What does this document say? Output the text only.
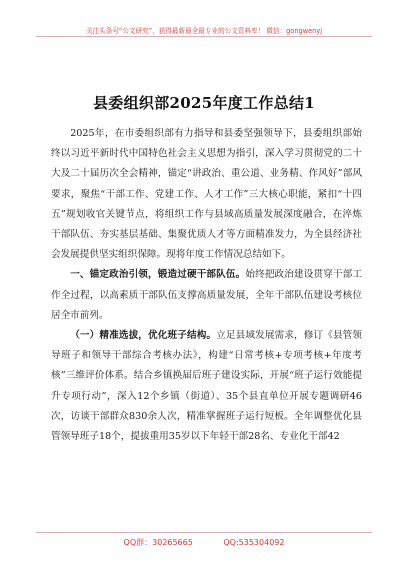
关注头条号“公文研究”，获得最新最全最专业的公文资料库！ 微信：gongwenyj
县委组织部2025年度工作总结1

2025年，在市委组织部有力指导和县委坚强领导下，县委组织部始终以习近平新时代中国特色社会主义思想为指引，深入学习贯彻党的二十大及二十届历次全会精神，锚定“讲政治、重公道、业务精、作风好”部风要求，聚焦“干部工作、党建工作、人才工作”三大核心职能，紧扣“十四五”规划收官关键节点，将组织工作与县域高质量发展深度融合，在淬炼干部队伍、夯实基层基础、集聚优质人才等方面精准发力，为全县经济社会发展提供坚实组织保障。现将年度工作情况总结如下。

一、锚定政治引领，锻造过硬干部队伍。始终把政治建设贯穿干部工作全过程，以高素质干部队伍支撑高质量发展，全年干部队伍建设考核位居全市前列。

（一）精准选拔，优化班子结构。立足县域发展需求，修订《县管领导班子和领导干部综合考核办法》，构建“日常考核+专项考核+年度考核”三维评价体系。结合乡镇换届后班子建设实际，开展“班子运行效能提升专项行动”，深入12个乡镇（街道）、35个县直单位开展专题调研46次，访谈干部群众830余人次，精准掌握班子运行短板。全年调整优化县管领导班子18个，提拔重用35岁以下年轻干部28名、专业化干部42

QQ群：30265665	QQ:535304092
